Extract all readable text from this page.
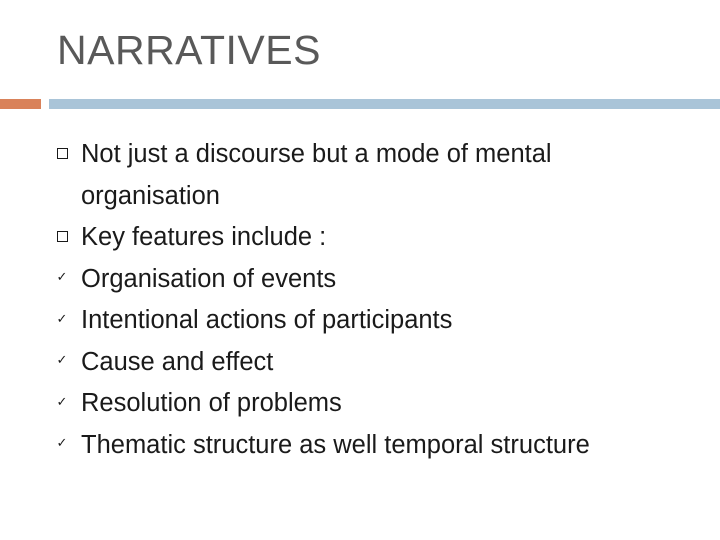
NARRATIVES
Not just a discourse but a mode of mental organisation
Key features include :
✓ Organisation of events
✓ Intentional actions of participants
✓ Cause and effect
✓ Resolution of problems
✓ Thematic structure as well temporal structure
